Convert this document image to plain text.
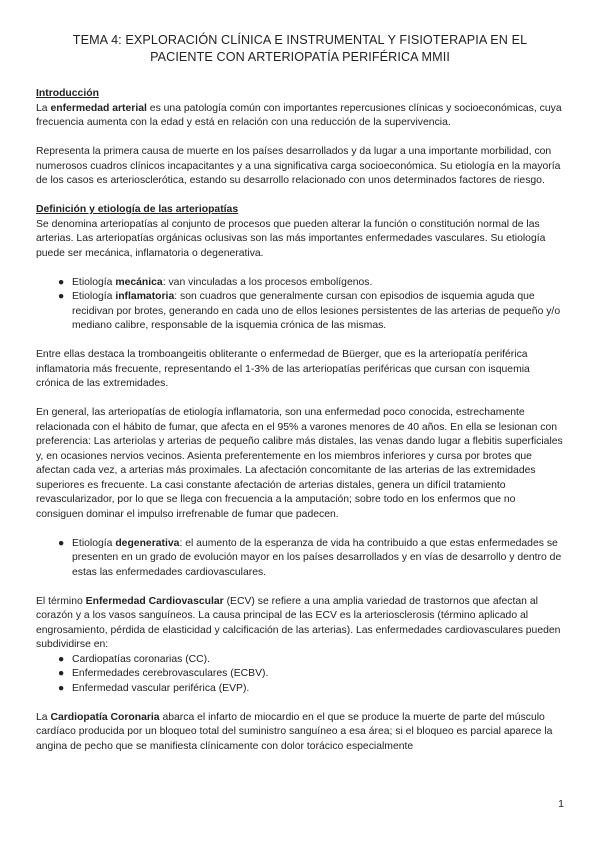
TEMA 4: EXPLORACIÓN CLÍNICA E INSTRUMENTAL Y FISIOTERAPIA EN EL
PACIENTE CON ARTERIOPATÍA PERIFÉRICA MMII

Introducción

La enfermedad arterial es una patología común con importantes repercusiones clínicas y socioeconómicas, cuya frecuencia aumenta con la edad y está en relación con una reducción de la supervivencia.

Representa la primera causa de muerte en los países desarrollados y da lugar a una importante morbilidad, con numerosos cuadros clínicos incapacitantes y a una significativa carga socioeconómica. Su etiología en la mayoría de los casos es arteriosclerótica, estando su desarrollo relacionado con unos determinados factores de riesgo.

Definición y etiología de las arteriopatías

Se denomina arteriopatías al conjunto de procesos que pueden alterar la función o constitución normal de las arterias. Las arteriopatías orgánicas oclusivas son las más importantes enfermedades vasculares. Su etiología puede ser mecánica, inflamatoria o degenerativa.

● Etiología mecánica: van vinculadas a los procesos embolígenos.
● Etiología inflamatoria: son cuadros que generalmente cursan con episodios de isquemia aguda que recidivan por brotes, generando en cada uno de ellos lesiones persistentes de las arterias de pequeño y/o mediano calibre, responsable de la isquemia crónica de las mismas.

Entre ellas destaca la tromboangeitis obliterante o enfermedad de Büerger, que es la arteriopatía periférica inflamatoria más frecuente, representando el 1-3% de las arteriopatías periféricas que cursan con isquemia crónica de las extremidades.

En general, las arteriopatías de etiología inflamatoria, son una enfermedad poco conocida, estrechamente relacionada con el hábito de fumar, que afecta en el 95% a varones menores de 40 años. En ella se lesionan con preferencia: Las arteriolas y arterias de pequeño calibre más distales, las venas dando lugar a flebitis superficiales y, en ocasiones nervios vecinos. Asienta preferentemente en los miembros inferiores y cursa por brotes que afectan cada vez, a arterias más proximales. La afectación concomitante de las arterias de las extremidades superiores es frecuente. La casi constante afectación de arterias distales, genera un difícil tratamiento revascularizador, por lo que se llega con frecuencia a la amputación; sobre todo en los enfermos que no consiguen dominar el impulso irrefrenable de fumar que padecen.

● Etiología degenerativa: el aumento de la esperanza de vida ha contribuido a que estas enfermedades se presenten en un grado de evolución mayor en los países desarrollados y en vías de desarrollo y dentro de estas las enfermedades cardiovasculares.

El término Enfermedad Cardiovascular (ECV) se refiere a una amplia variedad de trastornos que afectan al corazón y a los vasos sanguíneos. La causa principal de las ECV es la arteriosclerosis (término aplicado al engrosamiento, pérdida de elasticidad y calcificación de las arterias). Las enfermedades cardiovasculares pueden subdividirse en:

● Cardiopatías coronarias (CC).
● Enfermedades cerebrovasculares (ECBV).
● Enfermedad vascular periférica (EVP).

La Cardiopatía Coronaria abarca el infarto de miocardio en el que se produce la muerte de parte del músculo cardíaco producida por un bloqueo total del suministro sanguíneo a esa área; si el bloqueo es parcial aparece la angina de pecho que se manifiesta clínicamente con dolor torácico especialmente

1
